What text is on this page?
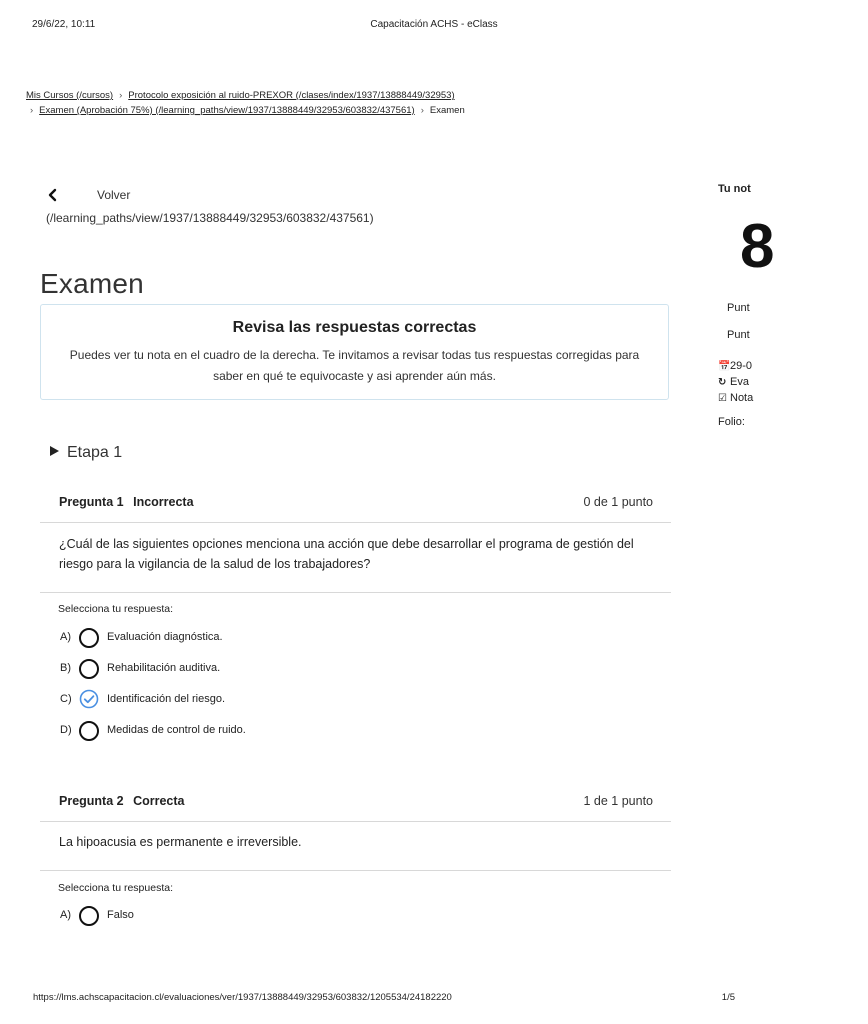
29/6/22, 10:11	Capacitación ACHS - eClass
Mis Cursos (/cursos) › Protocolo exposición al ruido-PREXOR (/clases/index/1937/13888449/32953)
› Examen (Aprobación 75%) (/learning_paths/view/1937/13888449/32953/603832/437561) › Examen
Volver
(/learning_paths/view/1937/13888449/32953/603832/437561)
Examen
Revisa las respuestas correctas

Puedes ver tu nota en el cuadro de la derecha. Te invitamos a revisar todas tus respuestas corregidas para saber en qué te equivocaste y asi aprender aún más.

Etapa 1
Pregunta 1 Incorrecta	0 de 1 punto
¿Cuál de las siguientes opciones menciona una acción que debe desarrollar el programa de gestión del riesgo para la vigilancia de la salud de los trabajadores?
Selecciona tu respuesta:
A)	Evaluación diagnóstica.
B)	Rehabilitación auditiva.
C)	Identificación del riesgo.
D)	Medidas de control de ruido.
Pregunta 2 Correcta	1 de 1 punto
La hipoacusia es permanente e irreversible.
Selecciona tu respuesta:
A)	Falso
Tu not
8
Punt
Punt
📅29-0
↻ Eva
☑ Nota
Folio:
https://lms.achscapacitacion.cl/evaluaciones/ver/1937/13888449/32953/603832/1205534/24182220	1/5
